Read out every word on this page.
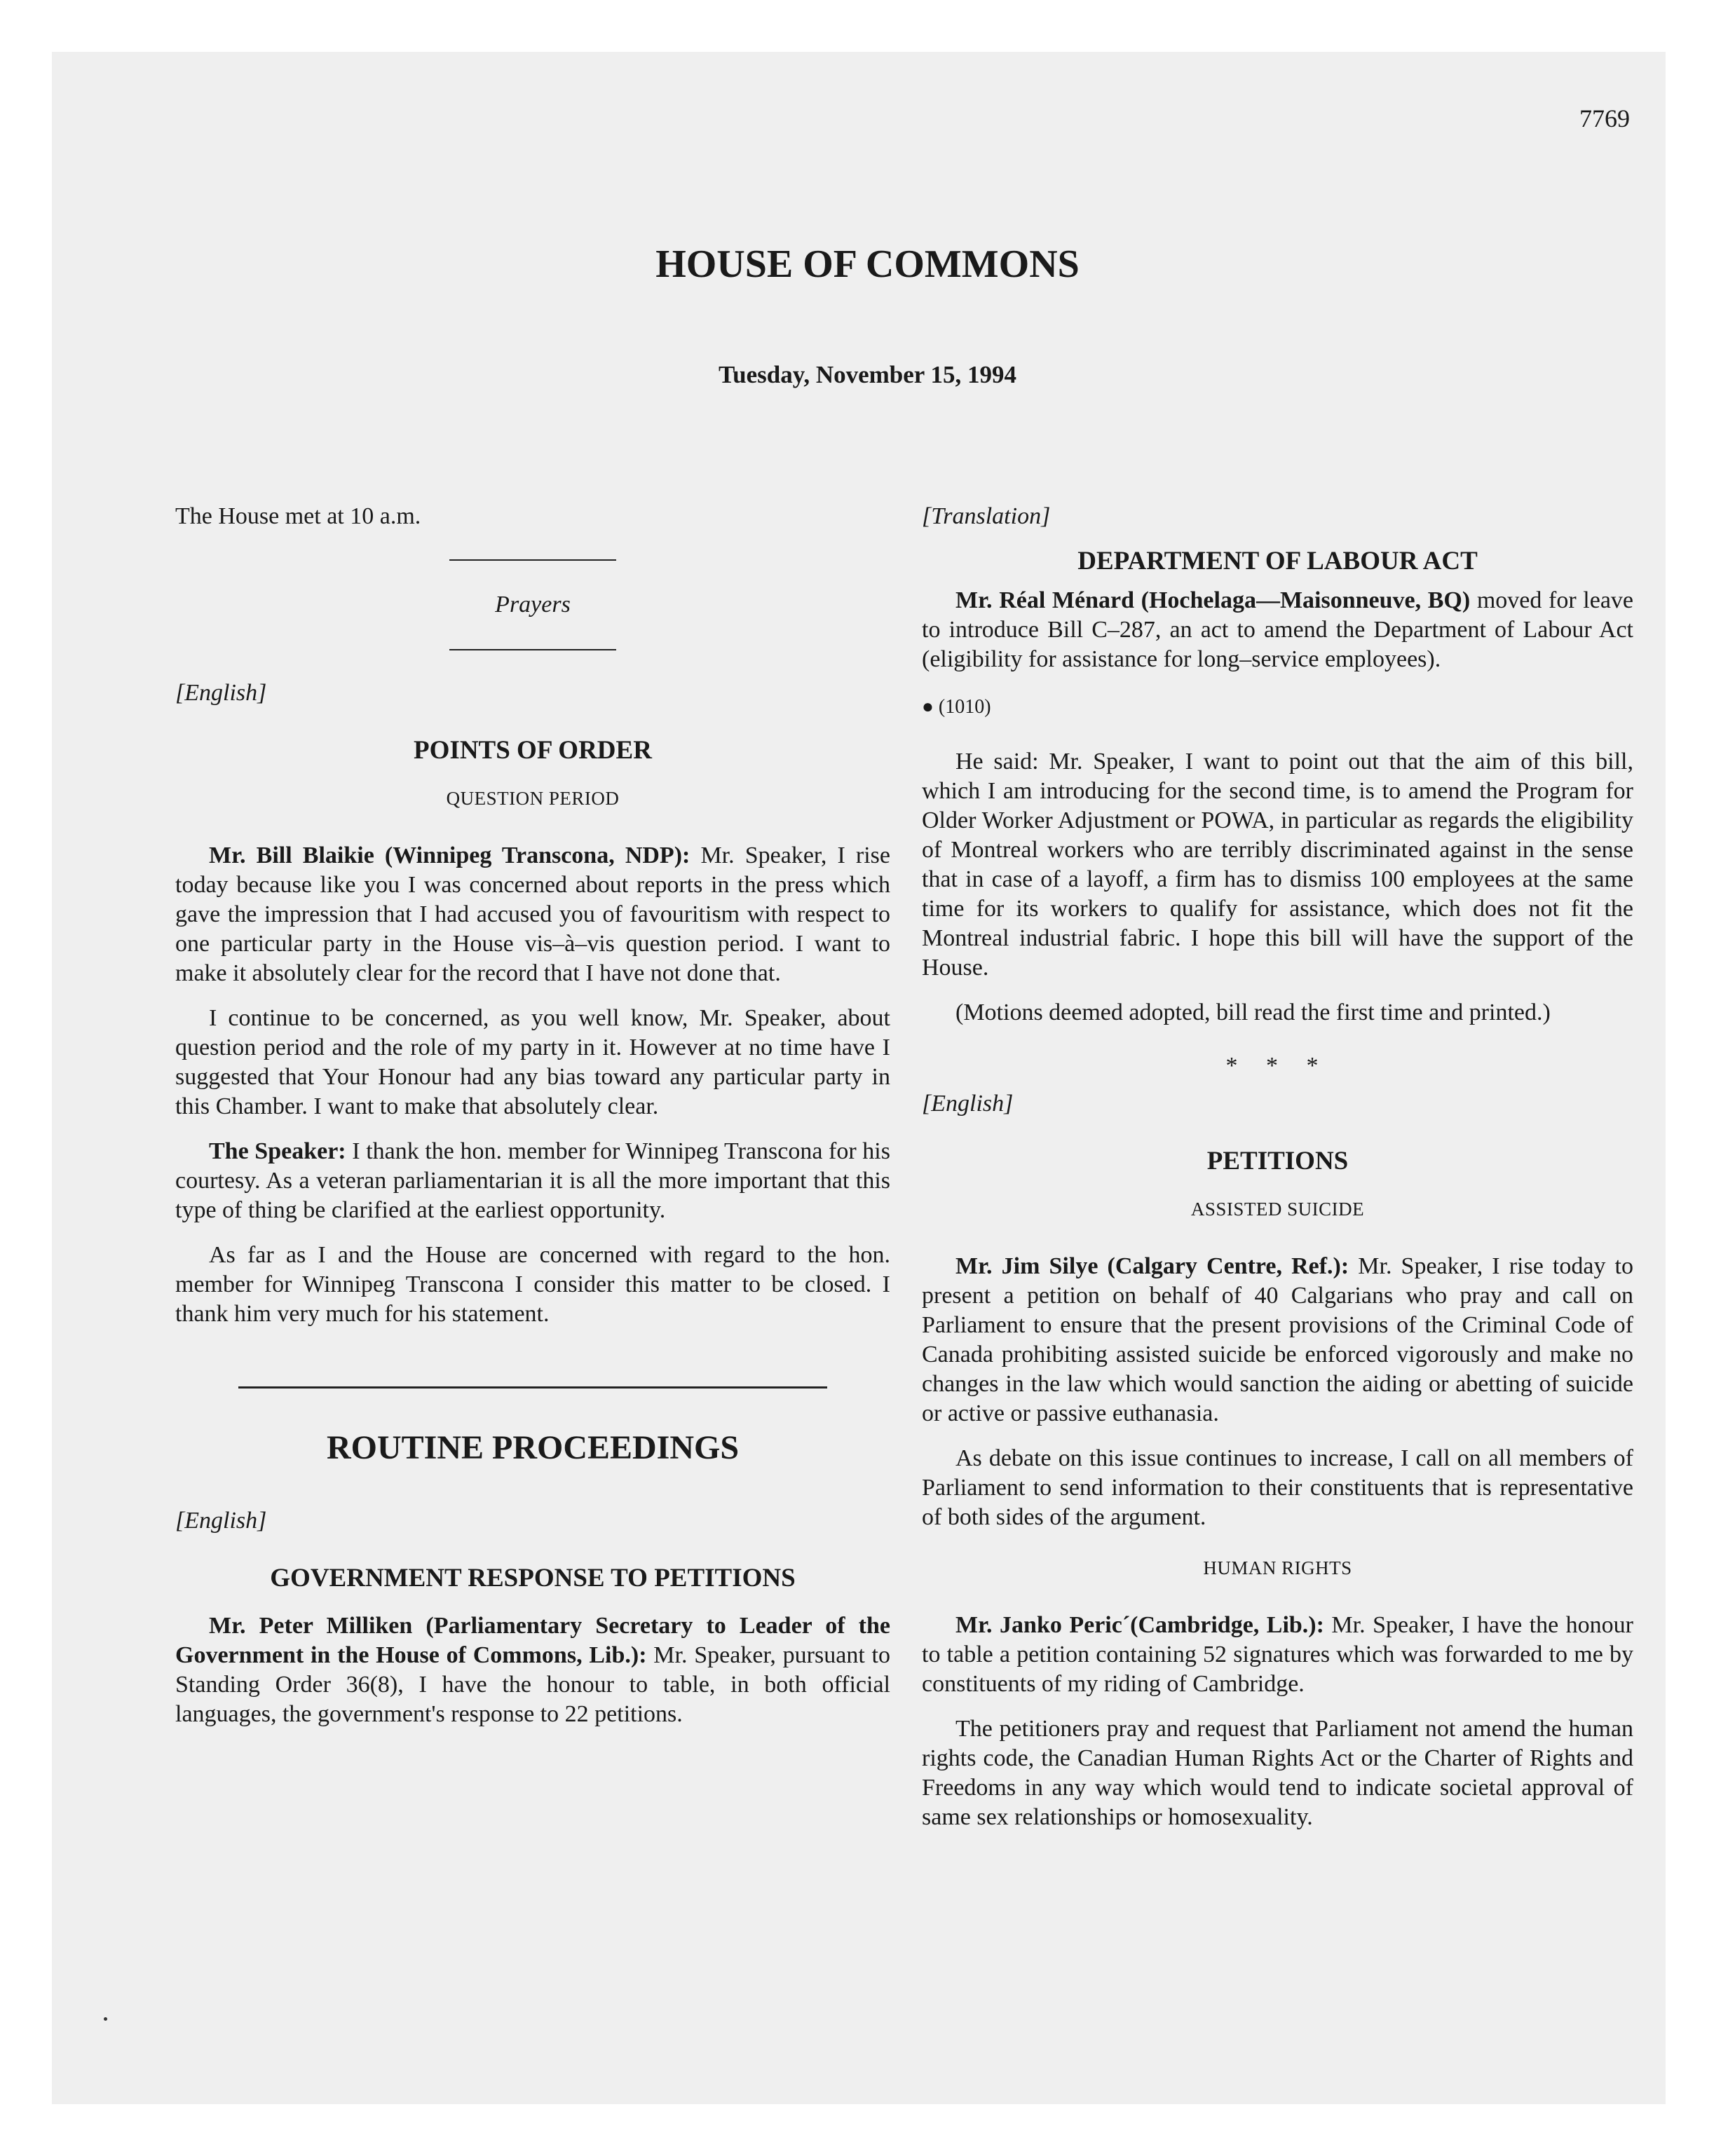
7769
HOUSE OF COMMONS
Tuesday, November 15, 1994

The House met at 10 a.m.

Prayers

[English]

POINTS OF ORDER
QUESTION PERIOD

Mr. Bill Blaikie (Winnipeg Transcona, NDP): Mr. Speaker, I rise today because like you I was concerned about reports in the press which gave the impression that I had accused you of favouritism with respect to one particular party in the House vis–à–vis question period. I want to make it absolutely clear for the record that I have not done that.

I continue to be concerned, as you well know, Mr. Speaker, about question period and the role of my party in it. However at no time have I suggested that Your Honour had any bias toward any particular party in this Chamber. I want to make that absolutely clear.

The Speaker: I thank the hon. member for Winnipeg Transcona for his courtesy. As a veteran parliamentarian it is all the more important that this type of thing be clarified at the earliest opportunity.

As far as I and the House are concerned with regard to the hon. member for Winnipeg Transcona I consider this matter to be closed. I thank him very much for his statement.

ROUTINE PROCEEDINGS

[English]

GOVERNMENT RESPONSE TO PETITIONS

Mr. Peter Milliken (Parliamentary Secretary to Leader of the Government in the House of Commons, Lib.): Mr. Speaker, pursuant to Standing Order 36(8), I have the honour to table, in both official languages, the government's response to 22 petitions.

[Translation]

DEPARTMENT OF LABOUR ACT

Mr. Réal Ménard (Hochelaga—Maisonneuve, BQ) moved for leave to introduce Bill C–287, an act to amend the Department of Labour Act (eligibility for assistance for long–service employees).

● (1010)

He said: Mr. Speaker, I want to point out that the aim of this bill, which I am introducing for the second time, is to amend the Program for Older Worker Adjustment or POWA, in particular as regards the eligibility of Montreal workers who are terribly discriminated against in the sense that in case of a layoff, a firm has to dismiss 100 employees at the same time for its workers to qualify for assistance, which does not fit the Montreal industrial fabric. I hope this bill will have the support of the House.

(Motions deemed adopted, bill read the first time and printed.)

* * *

[English]

PETITIONS
ASSISTED SUICIDE

Mr. Jim Silye (Calgary Centre, Ref.): Mr. Speaker, I rise today to present a petition on behalf of 40 Calgarians who pray and call on Parliament to ensure that the present provisions of the Criminal Code of Canada prohibiting assisted suicide be enforced vigorously and make no changes in the law which would sanction the aiding or abetting of suicide or active or passive euthanasia.

As debate on this issue continues to increase, I call on all members of Parliament to send information to their constituents that is representative of both sides of the argument.

HUMAN RIGHTS

Mr. Janko Peric´(Cambridge, Lib.): Mr. Speaker, I have the honour to table a petition containing 52 signatures which was forwarded to me by constituents of my riding of Cambridge.

The petitioners pray and request that Parliament not amend the human rights code, the Canadian Human Rights Act or the Charter of Rights and Freedoms in any way which would tend to indicate societal approval of same sex relationships or homosexuality.
